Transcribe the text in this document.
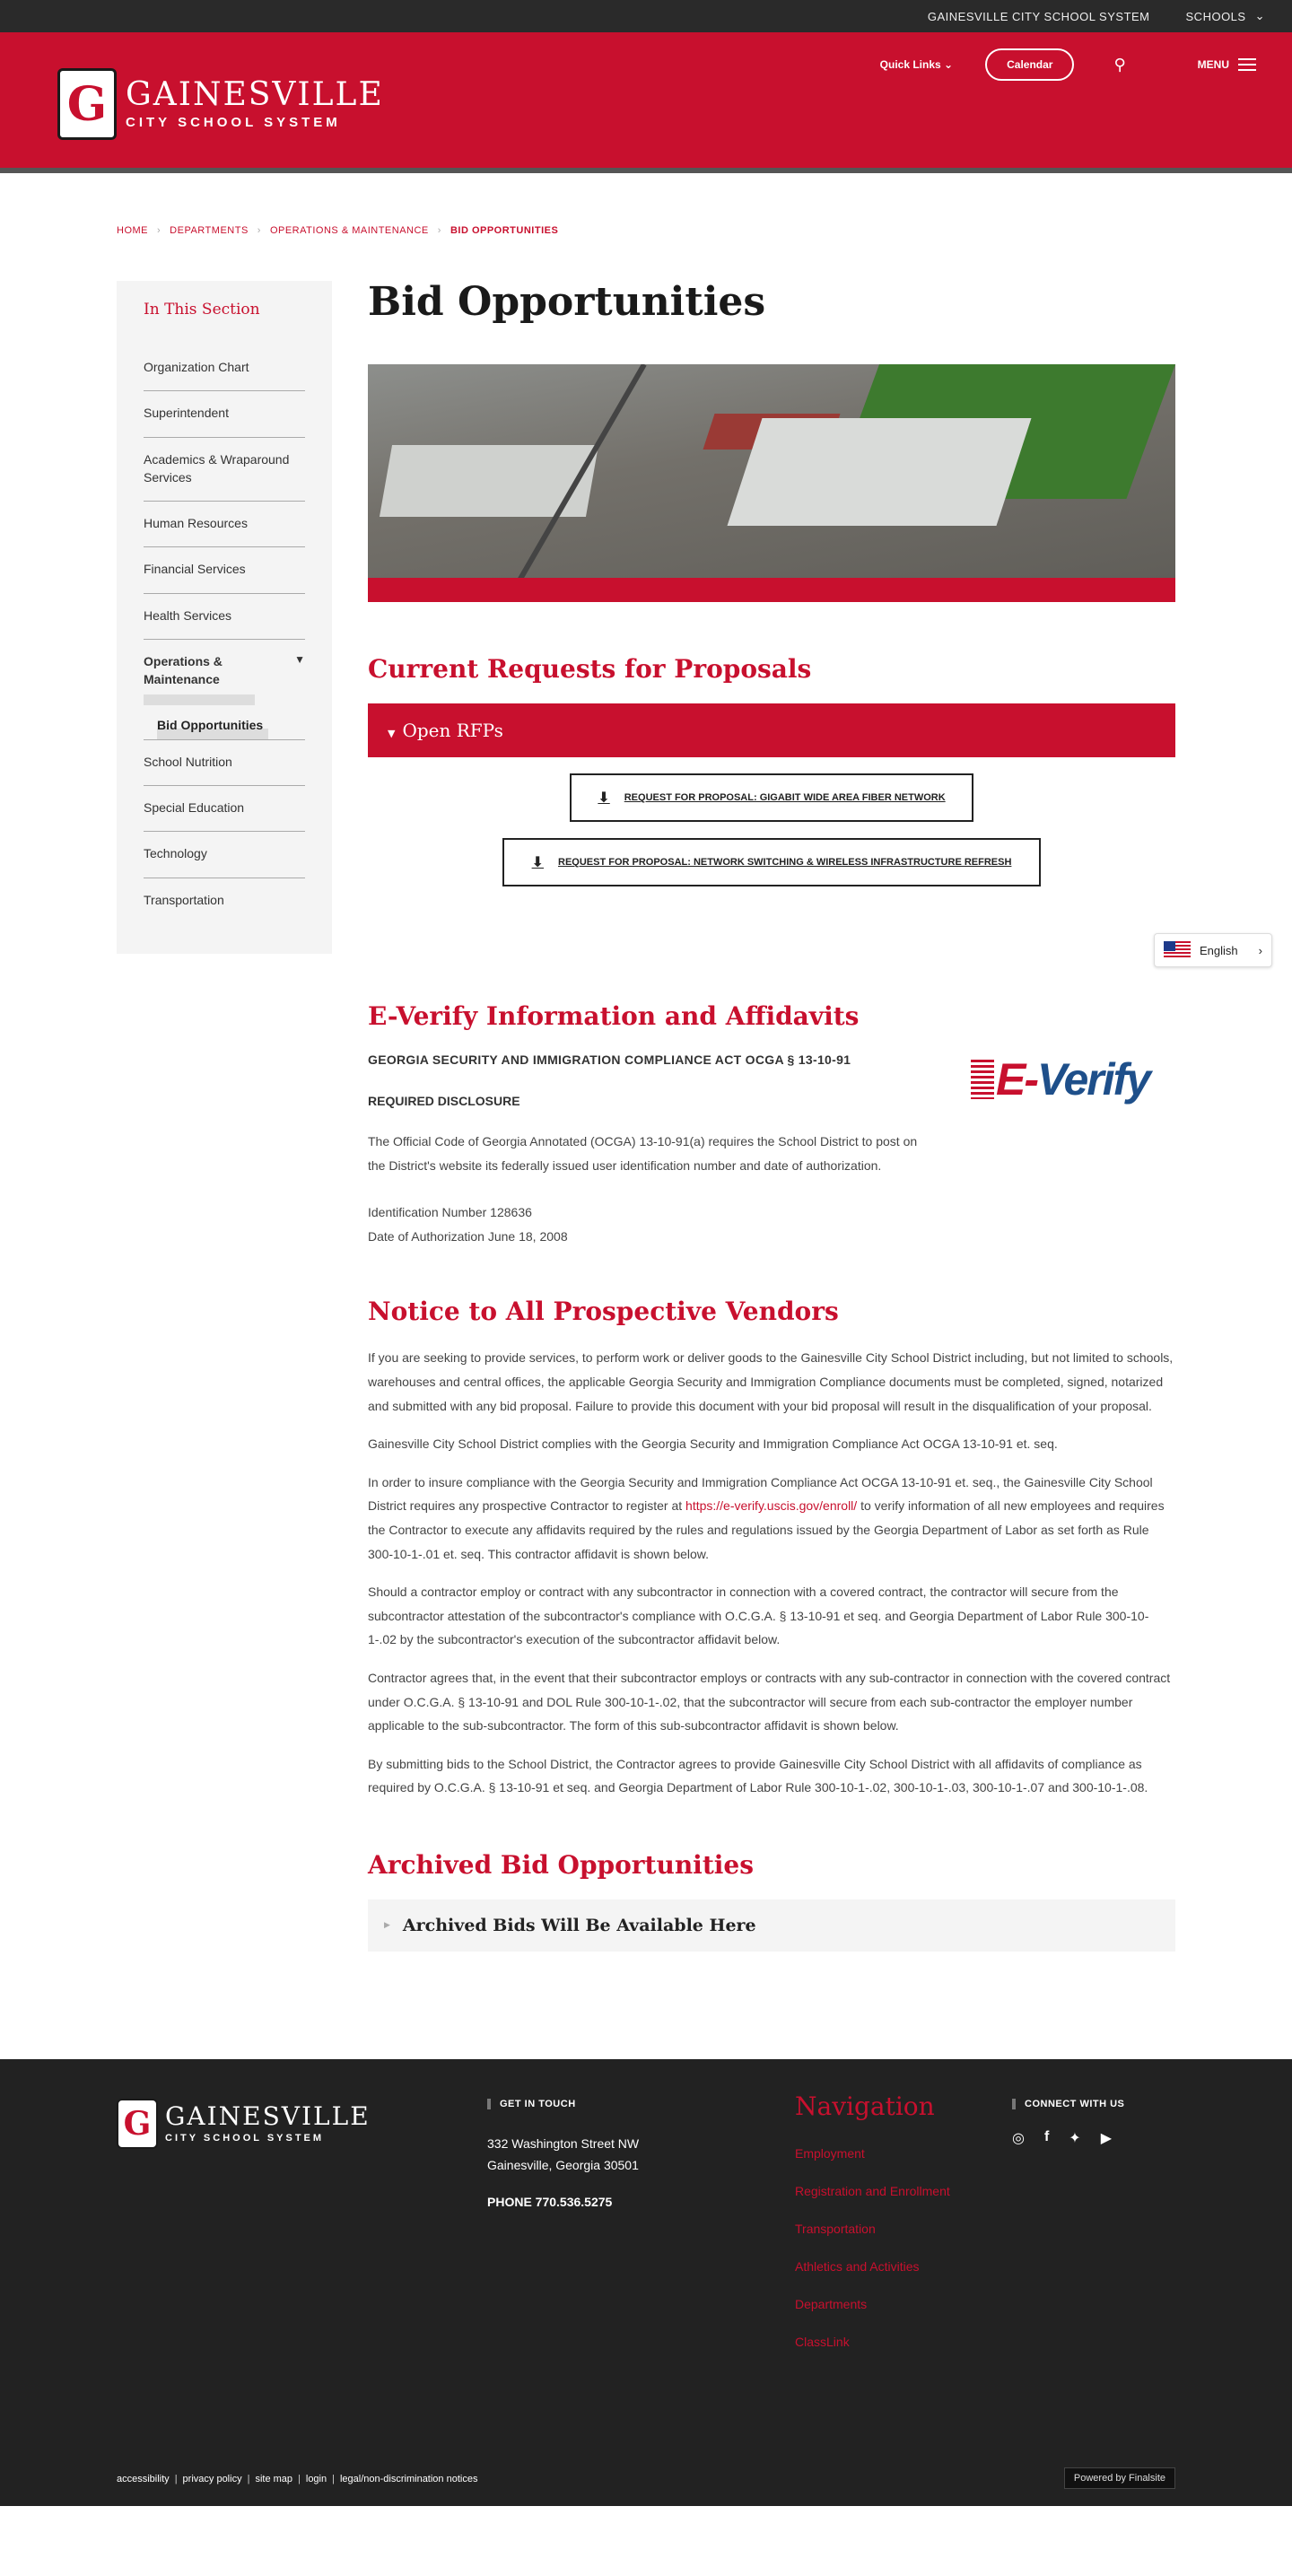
GAINESVILLE CITY SCHOOL SYSTEM	SCHOOLS ⌄
G GAINESVILLE
CITY SCHOOL SYSTEM
Quick Links ⌄	Calendar	⚲	MENU
HOME › DEPARTMENTS › OPERATIONS & MAINTENANCE › BID OPPORTUNITIES
In This Section
Organization Chart
Superintendent
Academics & Wraparound Services
Human Resources
Financial Services
Health Services
Operations & Maintenance
▼
Bid Opportunities
School Nutrition
Special Education
Technology
Transportation
Bid Opportunities
Current Requests for Proposals
▼ Open RFPs
⬇ REQUEST FOR PROPOSAL: GIGABIT WIDE AREA FIBER NETWORK
⬇ REQUEST FOR PROPOSAL: NETWORK SWITCHING & WIRELESS INFRASTRUCTURE REFRESH
E-Verify Information and Affidavits
E-Verify
GEORGIA SECURITY AND IMMIGRATION COMPLIANCE ACT OCGA § 13-10-91
REQUIRED DISCLOSURE

The Official Code of Georgia Annotated (OCGA) 13-10-91(a) requires the School District to post on the District's website its federally issued user identification number and date of authorization.

Identification Number 128636
Date of Authorization June 18, 2008

Notice to All Prospective Vendors

If you are seeking to provide services, to perform work or deliver goods to the Gainesville City School District including, but not limited to schools, warehouses and central offices, the applicable Georgia Security and Immigration Compliance documents must be completed, signed, notarized and submitted with any bid proposal. Failure to provide this document with your bid proposal will result in the disqualification of your proposal.

Gainesville City School District complies with the Georgia Security and Immigration Compliance Act OCGA 13-10-91 et. seq.

In order to insure compliance with the Georgia Security and Immigration Compliance Act OCGA 13-10-91 et. seq., the Gainesville City School District requires any prospective Contractor to register at https://e-verify.uscis.gov/enroll/ to verify information of all new employees and requires the Contractor to execute any affidavits required by the rules and regulations issued by the Georgia Department of Labor as set forth as Rule 300-10-1-.01 et. seq. This contractor affidavit is shown below.

Should a contractor employ or contract with any subcontractor in connection with a covered contract, the contractor will secure from the subcontractor attestation of the subcontractor's compliance with O.C.G.A. § 13-10-91 et seq. and Georgia Department of Labor Rule 300-10-1-.02 by the subcontractor's execution of the subcontractor affidavit below.

Contractor agrees that, in the event that their subcontractor employs or contracts with any sub-contractor in connection with the covered contract under O.C.G.A. § 13-10-91 and DOL Rule 300-10-1-.02, that the subcontractor will secure from each sub-contractor the employer number applicable to the sub-subcontractor. The form of this sub-subcontractor affidavit is shown below.

By submitting bids to the School District, the Contractor agrees to provide Gainesville City School District with all affidavits of compliance as required by O.C.G.A. § 13-10-91 et seq. and Georgia Department of Labor Rule 300-10-1-.02, 300-10-1-.03, 300-10-1-.07 and 300-10-1-.08.

Archived Bid Opportunities
▶ Archived Bids Will Be Available Here
English ›
G GAINESVILLE
CITY SCHOOL SYSTEM
GET IN TOUCH
332 Washington Street NW
Gainesville, Georgia 30501
PHONE 770.536.5275
Navigation
Employment
Registration and Enrollment
Transportation
Athletics and Activities
Departments
ClassLink
CONNECT WITH US
◎ f ✦ ▶
accessibility | privacy policy | site map | login | legal/non-discrimination notices	Powered by Finalsite
